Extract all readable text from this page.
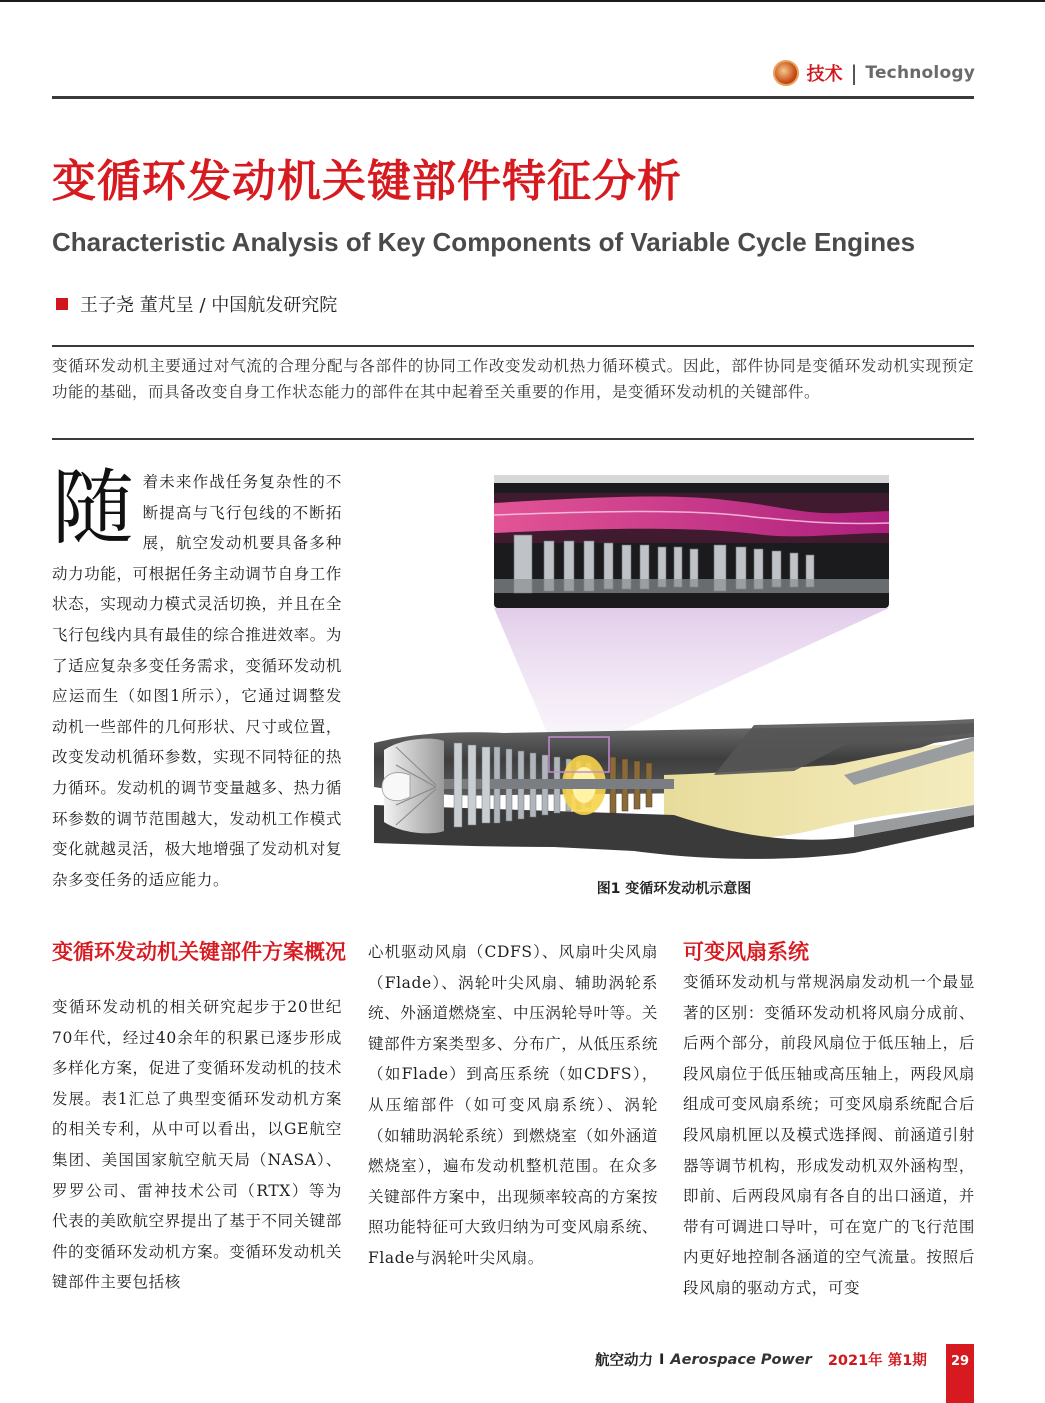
技术 | Technology
变循环发动机关键部件特征分析
Characteristic Analysis of Key Components of Variable Cycle Engines
王子尧 董芃呈 / 中国航发研究院

变循环发动机主要通过对气流的合理分配与各部件的协同工作改变发动机热力循环模式。因此，部件协同是变循环发动机实现预定功能的基础，而具备改变自身工作状态能力的部件在其中起着至关重要的作用，是变循环发动机的关键部件。

随 着未来作战任务复杂性的不断提高与飞行包线的不断拓展，航空发动机要具备多种动力功能，可根据任务主动调节自身工作状态，实现动力模式灵活切换，并且在全飞行包线内具有最佳的综合推进效率。为了适应复杂多变任务需求，变循环发动机应运而生（如图1所示），它通过调整发动机一些部件的几何形状、尺寸或位置，改变发动机循环参数，实现不同特征的热力循环。发动机的调节变量越多、热力循环参数的调节范围越大，发动机工作模式变化就越灵活，极大地增强了发动机对复杂多变任务的适应能力。
图1 变循环发动机示意图
变循环发动机关键部件方案概况
变循环发动机的相关研究起步于20世纪70年代，经过40余年的积累已逐步形成多样化方案，促进了变循环发动机的技术发展。表1汇总了典型变循环发动机方案的相关专利，从中可以看出，以GE航空集团、美国国家航空航天局（NASA）、罗罗公司、雷神技术公司（RTX）等为代表的美欧航空界提出了基于不同关键部件的变循环发动机方案。变循环发动机关键部件主要包括核
心机驱动风扇（CDFS）、风扇叶尖风扇（Flade）、涡轮叶尖风扇、辅助涡轮系统、外涵道燃烧室、中压涡轮导叶等。关键部件方案类型多、分布广，从低压系统（如Flade）到高压系统（如CDFS），从压缩部件（如可变风扇系统）、涡轮（如辅助涡轮系统）到燃烧室（如外涵道燃烧室），遍布发动机整机范围。在众多关键部件方案中，出现频率较高的方案按照功能特征可大致归纳为可变风扇系统、Flade与涡轮叶尖风扇。
可变风扇系统
变循环发动机与常规涡扇发动机一个最显著的区别：变循环发动机将风扇分成前、后两个部分，前段风扇位于低压轴上，后段风扇位于低压轴或高压轴上，两段风扇组成可变风扇系统；可变风扇系统配合后段风扇机匣以及模式选择阀、前涵道引射器等调节机构，形成发动机双外涵构型，即前、后两段风扇有各自的出口涵道，并带有可调进口导叶，可在宽广的飞行范围内更好地控制各涵道的空气流量。按照后段风扇的驱动方式，可变
航空动力 I Aerospace Power 2021年 第1期	29
